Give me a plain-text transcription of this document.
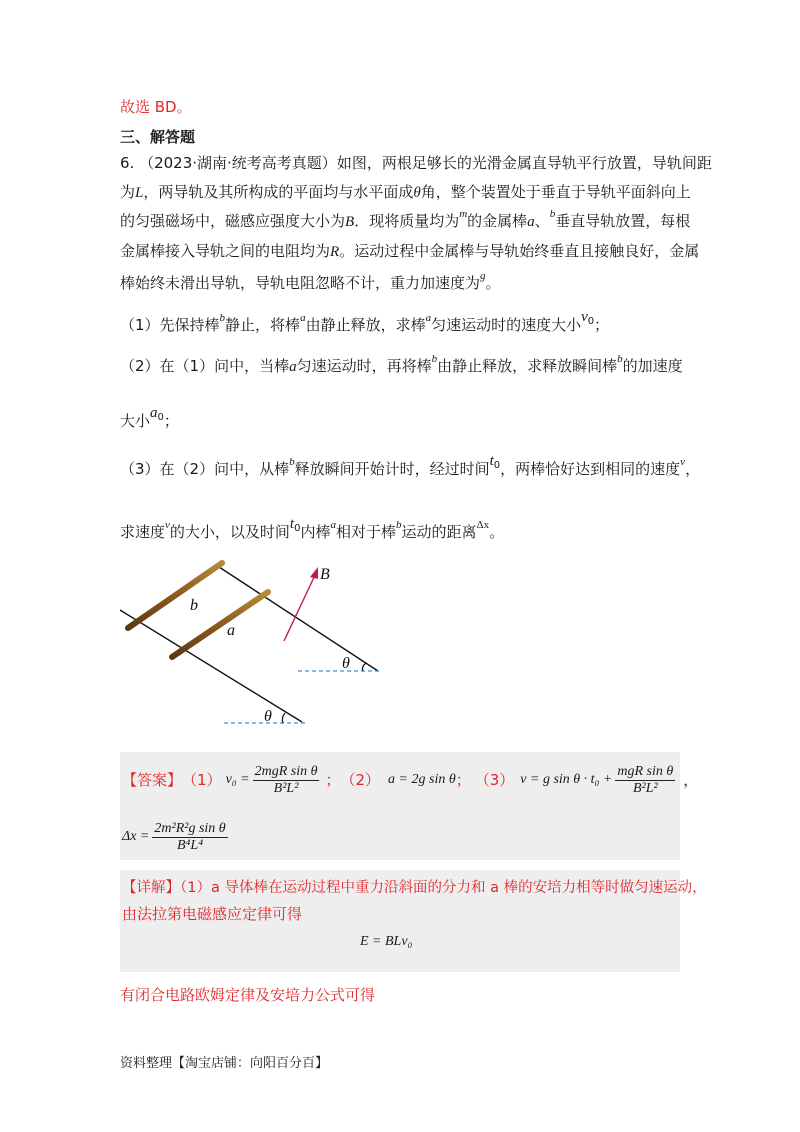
故选 BD。
三、解答题
6. （2023·湖南·统考高考真题）如图，两根足够长的光滑金属直导轨平行放置，导轨间距
为L，两导轨及其所构成的平面均与水平面成θ角，整个装置处于垂直于导轨平面斜向上
的匀强磁场中，磁感应强度大小为B．现将质量均为$^m$的金属棒a、$^b$垂直导轨放置，每根
金属棒接入导轨之间的电阻均为R。运动过程中金属棒与导轨始终垂直且接触良好，金属
棒始终未滑出导轨，导轨电阻忽略不计，重力加速度为$^g$。
（1）先保持棒$^b$静止，将棒$^a$由静止释放，求棒$^a$匀速运动时的速度大小$^{v0}$；
（2）在（1）问中，当棒a匀速运动时，再将棒$^b$由静止释放，求释放瞬间棒$^b$的加速度
大小$^{a0}$；
（3）在（2）问中，从棒$^b$释放瞬间开始计时，经过时间$^{t0}$，两棒恰好达到相同的速度$^v$，
求速度$^v$的大小，以及时间$^{t0}$内棒$^a$相对于棒$^b$运动的距离$^{\Delta x}$。
b
a
B
θ
θ
【答案】 （1） $v_0 = \frac{\text{2mgR sin θ}}{\text{B²L²}}$ ； （2） a = 2g sin θ ； （3） v = g $\sin \theta \cdot t_0 + \frac{\text{mgR sin θ}}{\text{B²L²}}$ ，
$\Delta x = \frac{\text{2m²R²g sin θ}}{\text{B⁴L⁴}}$
【详解】（1）a 导体棒在运动过程中重力沿斜面的分力和 a 棒的安培力相等时做匀速运动，
由法拉第电磁感应定律可得
E = BLv₀
有闭合电路欧姆定律及安培力公式可得
资料整理【淘宝店铺：向阳百分百】
